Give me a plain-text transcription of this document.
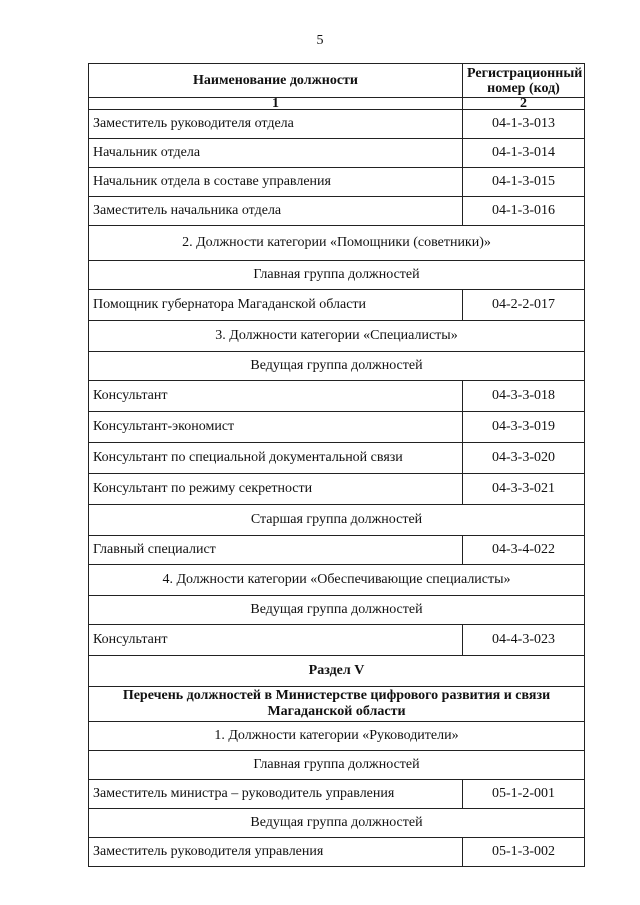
5
Наименование должности	Регистрационный номер (код)
1	2
Заместитель руководителя отдела	04-1-3-013
Начальник отдела	04-1-3-014
Начальник отдела в составе управления	04-1-3-015
Заместитель начальника отдела	04-1-3-016
2. Должности категории «Помощники (советники)»	
Главная группа должностей	
Помощник губернатора Магаданской области	04-2-2-017
3. Должности категории «Специалисты»	
Ведущая группа должностей	
Консультант	04-3-3-018
Консультант-экономист	04-3-3-019
Консультант по специальной документальной связи	04-3-3-020
Консультант по режиму секретности	04-3-3-021
Старшая группа должностей	
Главный специалист	04-3-4-022
4. Должности категории «Обеспечивающие специалисты»	
Ведущая группа должностей	
Консультант	04-4-3-023
Раздел V	
Перечень должностей в Министерстве цифрового развития и связи Магаданской области	
1. Должности категории «Руководители»	
Главная группа должностей	
Заместитель министра – руководитель управления	05-1-2-001
Ведущая группа должностей	
Заместитель руководителя управления	05-1-3-002
